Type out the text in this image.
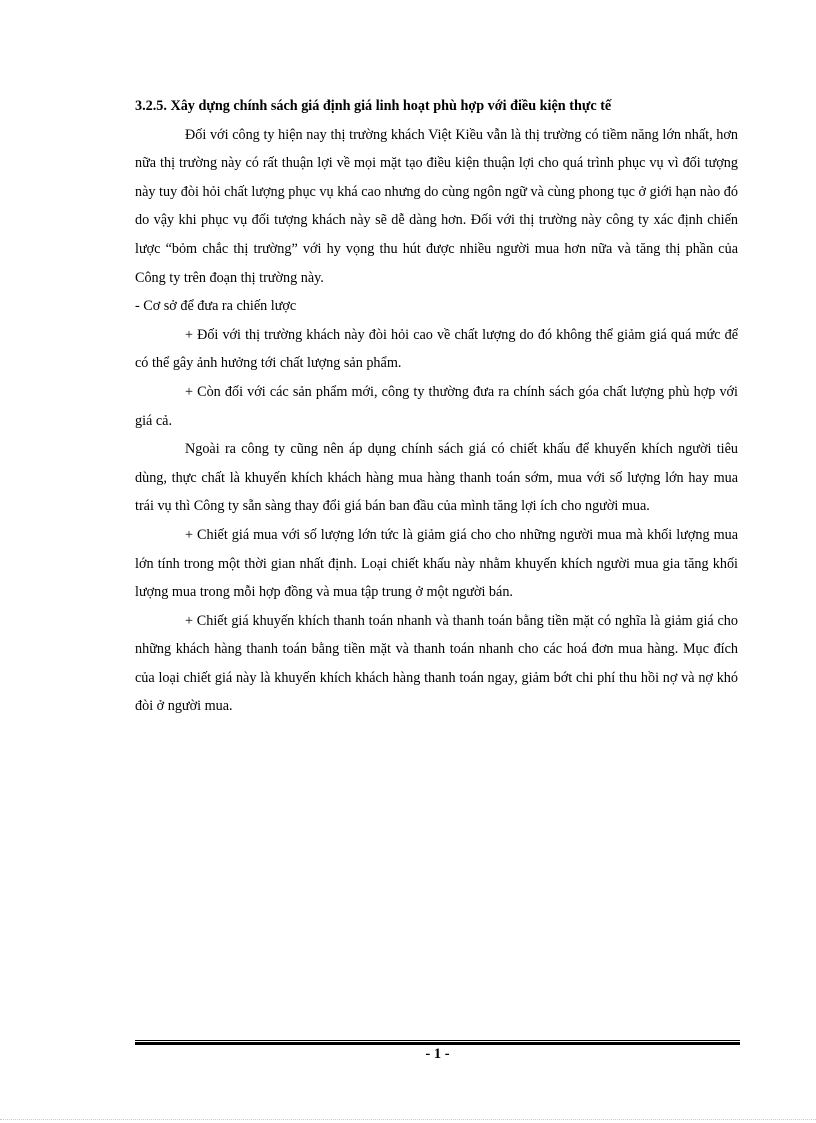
3.2.5. Xây dựng chính sách giá định giá linh hoạt phù hợp với điều kiện thực tế

Đối với công ty hiện nay thị trường khách Việt Kiều vẫn là thị trường có tiềm năng lớn nhất, hơn nữa thị trường này có rất thuận lợi về mọi mặt tạo điều kiện thuận lợi cho quá trình phục vụ vì đối tượng này tuy đòi hỏi chất lượng phục vụ khá cao nhưng do cùng ngôn ngữ và cùng phong tục ở giới hạn nào đó do vậy khi phục vụ đối tượng khách này sẽ dễ dàng hơn. Đối với thị trường này công ty xác định chiến lược “bỏm chắc thị trường” với hy vọng thu hút được nhiều người mua hơn nữa và tăng thị phần của Công ty trên đoạn thị trường này.

- Cơ sở để đưa ra chiến lược

+ Đối với thị trường khách này đòi hỏi cao về chất lượng do đó không thể giảm giá quá mức để có thể gây ảnh hưởng tới chất lượng sản phẩm.

+ Còn đối với các sản phẩm mới, công ty thường đưa ra chính sách góa chất lượng phù hợp với giá cả.

Ngoài ra công ty cũng nên áp dụng chính sách giá có chiết khấu để khuyến khích người tiêu dùng, thực chất là khuyến khích khách hàng mua hàng thanh toán sớm, mua với số lượng lớn hay mua trái vụ thì Công ty sẵn sàng thay đổi giá bán ban đầu của mình tăng lợi ích cho người mua.

+ Chiết giá mua với số lượng lớn tức là giảm giá cho cho những người mua mà khối lượng mua lớn tính trong một thời gian nhất định. Loại chiết khấu này nhằm khuyến khích người mua gia tăng khối lượng mua trong mỗi hợp đồng và mua tập trung ở một người bán.

+ Chiết giá khuyến khích thanh toán nhanh và thanh toán bằng tiền mặt có nghĩa là giảm giá cho những khách hàng thanh toán bằng tiền mặt và thanh toán nhanh cho các hoá đơn mua hàng. Mục đích của loại chiết giá này là khuyến khích khách hàng thanh toán ngay, giảm bớt chi phí thu hồi nợ và nợ khó đòi ở người mua.

- 1 -
